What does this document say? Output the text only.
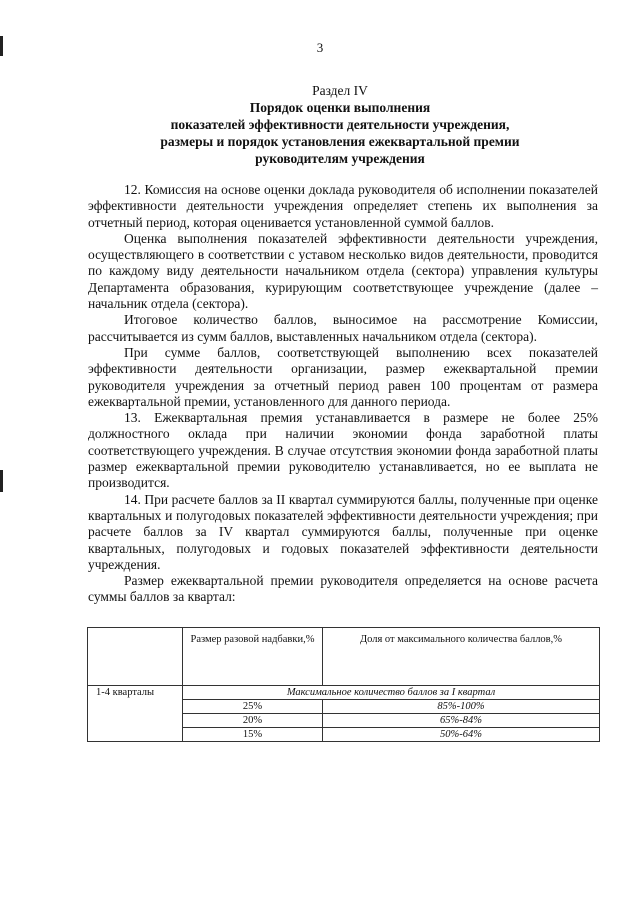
3
Раздел IV
Порядок оценки выполнения
показателей эффективности деятельности учреждения,
размеры и порядок установления ежеквартальной премии
руководителям учреждения

12. Комиссия на основе оценки доклада руководителя об исполнении показателей эффективности деятельности учреждения определяет степень их выполнения за отчетный период, которая оценивается установленной суммой баллов.

Оценка выполнения показателей эффективности деятельности учреждения, осуществляющего в соответствии с уставом несколько видов деятельности, проводится по каждому виду деятельности начальником отдела (сектора) управления культуры Департамента образования, курирующим соответствующее учреждение (далее – начальник отдела (сектора).

Итоговое количество баллов, выносимое на рассмотрение Комиссии, рассчитывается из сумм баллов, выставленных начальником отдела (сектора).

При сумме баллов, соответствующей выполнению всех показателей эффективности деятельности организации, размер ежеквартальной премии руководителя учреждения за отчетный период равен 100 процентам от размера ежеквартальной премии, установленного для данного периода.

13. Ежеквартальная премия устанавливается в размере не более 25% должностного оклада при наличии экономии фонда заработной платы соответствующего учреждения. В случае отсутствия экономии фонда заработной платы размер ежеквартальной премии руководителю устанавливается, но ее выплата не производится.

14. При расчете баллов за II квартал суммируются баллы, полученные при оценке квартальных и полугодовых показателей эффективности деятельности учреждения; при расчете баллов за IV квартал суммируются баллы, полученные при оценке квартальных, полугодовых и годовых показателей эффективности деятельности учреждения.

Размер ежеквартальной премии руководителя определяется на основе расчета суммы баллов за квартал:

	Размер разовой надбавки,%	Доля от максимального количества баллов,%
1-4 кварталы	Максимальное количество баллов за I квартал	
	25%	85%-100%
	20%	65%-84%
	15%	50%-64%
